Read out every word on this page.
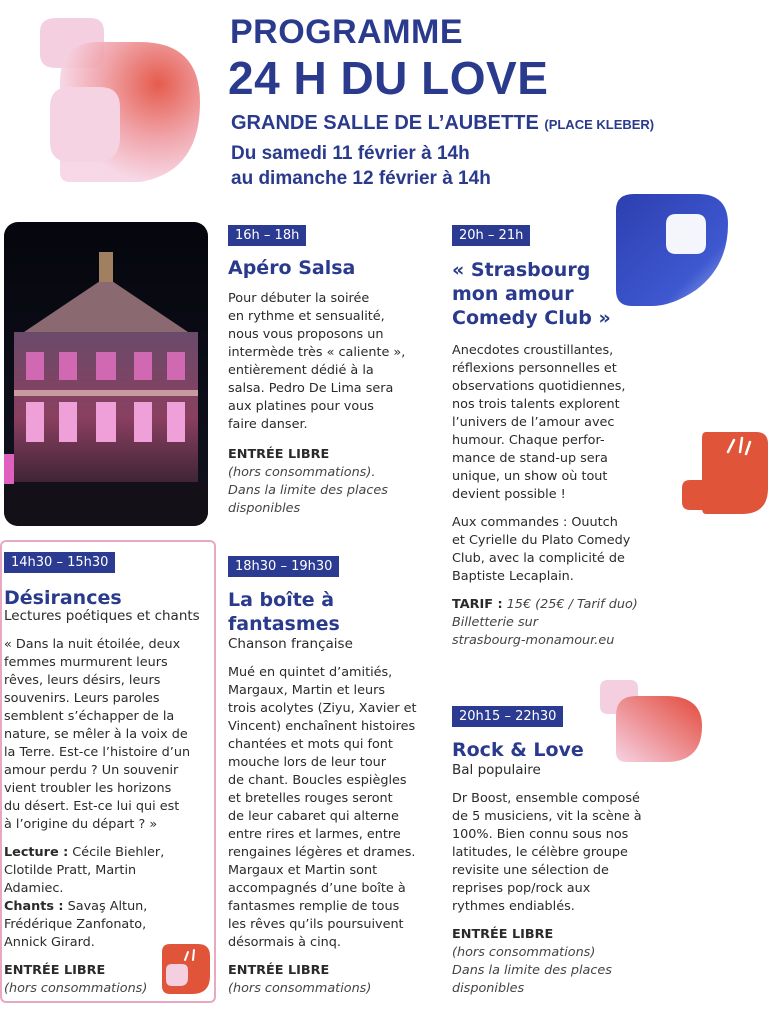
PROGRAMME
24 H DU LOVE
GRANDE SALLE DE L’AUBETTE (PLACE KLEBER)
Du samedi 11 février à 14h
au dimanche 12 février à 14h
16h – 18h
Apéro Salsa

Pour débuter la soirée
en rythme et sensualité,
nous vous proposons un
intermède très « caliente »,
entièrement dédié à la
salsa. Pedro De Lima sera
aux platines pour vous
faire danser.

ENTRÉE LIBRE
(hors consommations).
Dans la limite des places
disponibles
20h – 21h
« Strasbourg
mon amour
Comedy Club »

Anecdotes croustillantes,
réflexions personnelles et
observations quotidiennes,
nos trois talents explorent
l’univers de l’amour avec
humour. Chaque perfor-
mance de stand-up sera
unique, un show où tout
devient possible !

Aux commandes : Ouutch
et Cyrielle du Plato Comedy
Club, avec la complicité de
Baptiste Lecaplain.

TARIF : 15€ (25€ / Tarif duo)
Billetterie sur
strasbourg-monamour.eu
14h30 – 15h30
Désirances
Lectures poétiques et chants

« Dans la nuit étoilée, deux
femmes murmurent leurs
rêves, leurs désirs, leurs
souvenirs. Leurs paroles
semblent s’échapper de la
nature, se mêler à la voix de
la Terre. Est-ce l’histoire d’un
amour perdu ? Un souvenir
vient troubler les horizons
du désert. Est-ce lui qui est
à l’origine du départ ? »

Lecture : Cécile Biehler,
Clotilde Pratt, Martin
Adamiec.
Chants : Savaş Altun,
Frédérique Zanfonato,
Annick Girard.

ENTRÉE LIBRE
(hors consommations)
18h30 – 19h30
La boîte à
fantasmes
Chanson française

Mué en quintet d’amitiés,
Margaux, Martin et leurs
trois acolytes (Ziyu, Xavier et
Vincent) enchaînent histoires
chantées et mots qui font
mouche lors de leur tour
de chant. Boucles espiègles
et bretelles rouges seront
de leur cabaret qui alterne
entre rires et larmes, entre
rengaines légères et drames.
Margaux et Martin sont
accompagnés d’une boîte à
fantasmes remplie de tous
les rêves qu’ils poursuivent
désormais à cinq.

ENTRÉE LIBRE
(hors consommations)
20h15 – 22h30
Rock & Love
Bal populaire

Dr Boost, ensemble composé
de 5 musiciens, vit la scène à
100%. Bien connu sous nos
latitudes, le célèbre groupe
revisite une sélection de
reprises pop/rock aux
rythmes endiablés.

ENTRÉE LIBRE
(hors consommations)
Dans la limite des places
disponibles
